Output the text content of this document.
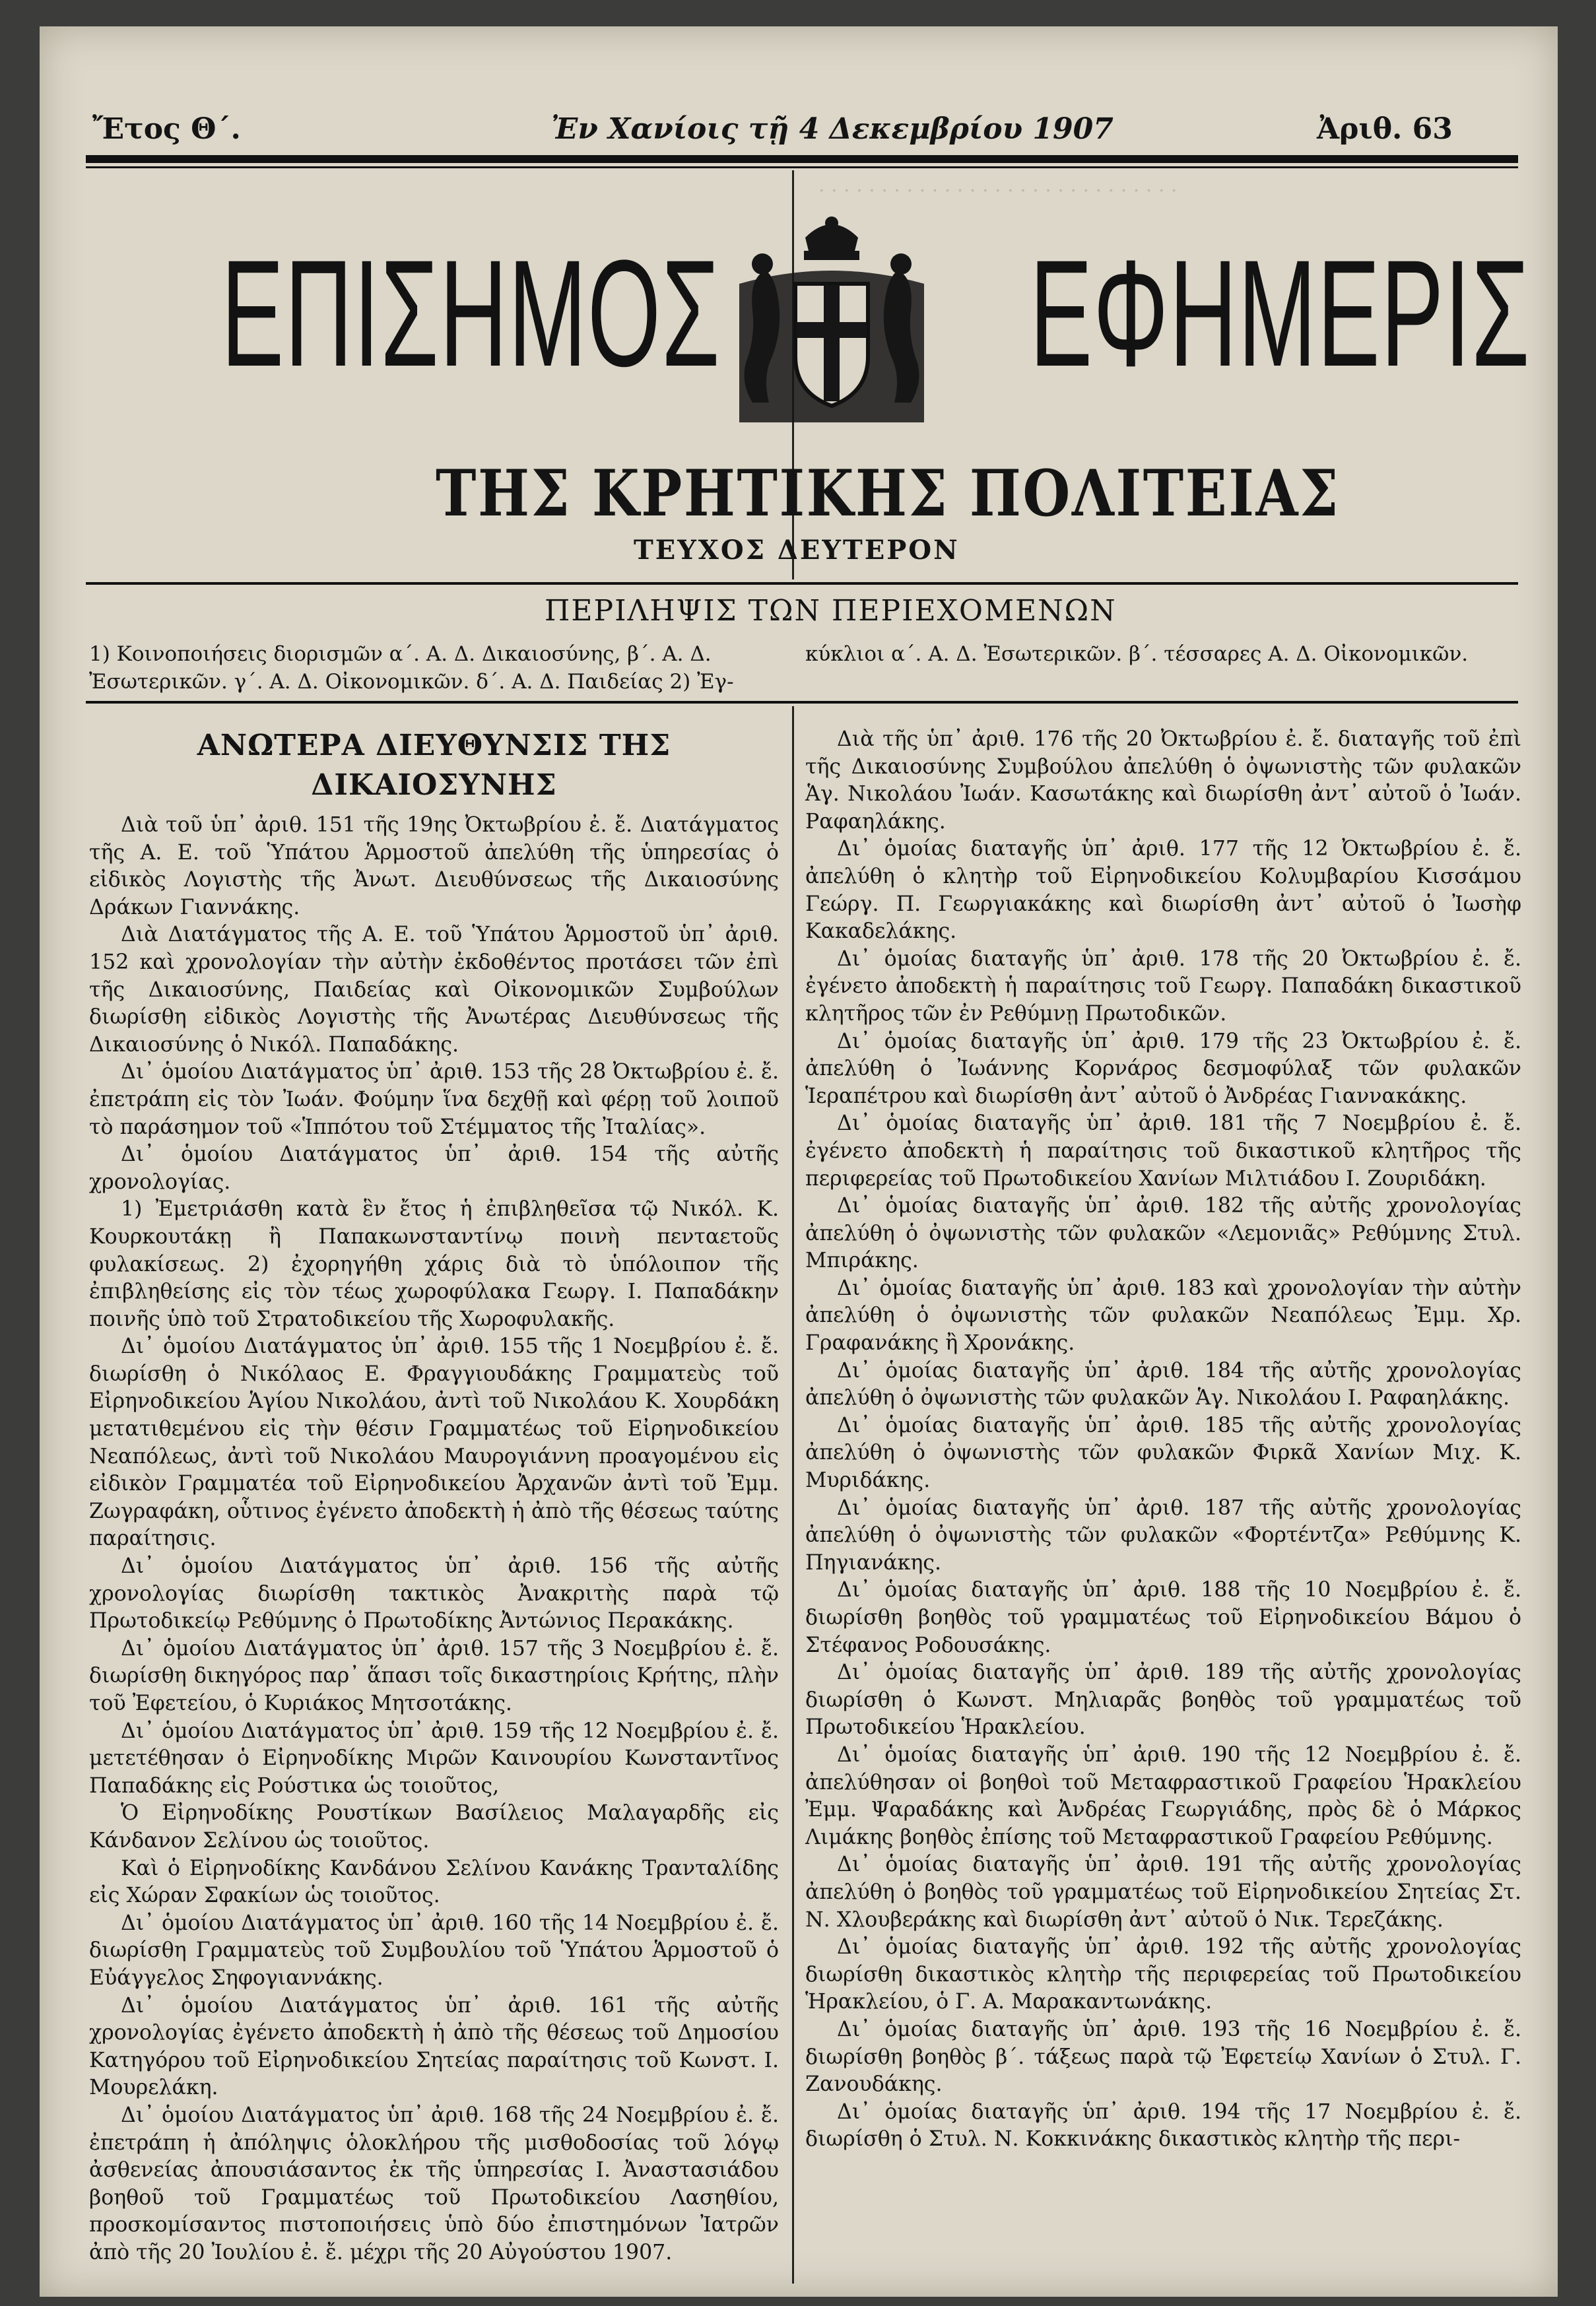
· · · · · · · · · · · · · · · · · · · · · · · · · · · · ·
Ἔτος Θ΄.	Ἐν Χανίοις τῇ 4 Δεκεμβρίου 1907	Ἀριθ. 63
ΕΠΙΣΗΜΟΣ ΕΦΗΜΕΡΙΣ
ΤΗΣ ΚΡΗΤΙΚΗΣ ΠΟΛΙΤΕΙΑΣ
ΤΕΥΧΟΣ ΔΕΥΤΕΡΟΝ
ΠΕΡΙΛΗΨΙΣ ΤΩΝ ΠΕΡΙΕΧΟΜΕΝΩΝ
1) Κοινοποιήσεις διορισμῶν α΄. Α. Δ. Δικαιοσύνης, β΄. Α. Δ. Ἐσωτερικῶν. γ΄. Α. Δ. Οἰκονομικῶν. δ΄. Α. Δ. Παιδείας 2) Ἐγ-
κύκλιοι α΄. Α. Δ. Ἐσωτερικῶν. β΄. τέσσαρες Α. Δ. Οἰκονομικῶν.
ΑΝΩΤΕΡΑ ΔΙΕΥΘΥΝΣΙΣ ΤΗΣ ΔΙΚΑΙΟΣΥΝΗΣ

Διὰ τοῦ ὑπ᾽ ἀριθ. 151 τῆς 19ης Ὀκτωβρίου ἐ. ἔ. Διατάγματος τῆς Α. Ε. τοῦ Ὑπάτου Ἁρμοστοῦ ἀπελύθη τῆς ὑπηρεσίας ὁ εἰδικὸς Λογιστὴς τῆς Ἀνωτ. Διευθύνσεως τῆς Δικαιοσύνης Δράκων Γιαννάκης.

Διὰ Διατάγματος τῆς Α. Ε. τοῦ Ὑπάτου Ἁρμοστοῦ ὑπ᾽ ἀριθ. 152 καὶ χρονολογίαν τὴν αὐτὴν ἐκδοθέντος προτάσει τῶν ἐπὶ τῆς Δικαιοσύνης, Παιδείας καὶ Οἰκονομικῶν Συμβούλων διωρίσθη εἰδικὸς Λογιστὴς τῆς Ἀνωτέρας Διευθύνσεως τῆς Δικαιοσύνης ὁ Νικόλ. Παπαδάκης.

Δι᾽ ὁμοίου Διατάγματος ὑπ᾽ ἀριθ. 153 τῆς 28 Ὀκτωβρίου ἐ. ἔ. ἐπετράπη εἰς τὸν Ἰωάν. Φούμην ἵνα δεχθῇ καὶ φέρῃ τοῦ λοιποῦ τὸ παράσημον τοῦ «Ἱππότου τοῦ Στέμματος τῆς Ἰταλίας».

Δι᾽ ὁμοίου Διατάγματος ὑπ᾽ ἀριθ. 154 τῆς αὐτῆς χρονολογίας.

1) Ἐμετριάσθη κατὰ ἓν ἔτος ἡ ἐπιβληθεῖσα τῷ Νικόλ. Κ. Κουρκουτάκῃ ἢ Παπακωνσταντίνῳ ποινὴ πενταετοῦς φυλακίσεως. 2) ἐχορηγήθη χάρις διὰ τὸ ὑπόλοιπον τῆς ἐπιβληθείσης εἰς τὸν τέως χωροφύλακα Γεωργ. Ι. Παπαδάκην ποινῆς ὑπὸ τοῦ Στρατοδικείου τῆς Χωροφυλακῆς.

Δι᾽ ὁμοίου Διατάγματος ὑπ᾽ ἀριθ. 155 τῆς 1 Νοεμβρίου ἐ. ἔ. διωρίσθη ὁ Νικόλαος Ε. Φραγγιουδάκης Γραμματεὺς τοῦ Εἰρηνοδικείου Ἁγίου Νικολάου, ἀντὶ τοῦ Νικολάου Κ. Χουρδάκη μετατιθεμένου εἰς τὴν θέσιν Γραμματέως τοῦ Εἰρηνοδικείου Νεαπόλεως, ἀντὶ τοῦ Νικολάου Μαυρογιάννη προαγομένου εἰς εἰδικὸν Γραμματέα τοῦ Εἰρηνοδικείου Ἀρχανῶν ἀντὶ τοῦ Ἐμμ. Ζωγραφάκη, οὗτινος ἐγένετο ἀποδεκτὴ ἡ ἀπὸ τῆς θέσεως ταύτης παραίτησις.

Δι᾽ ὁμοίου Διατάγματος ὑπ᾽ ἀριθ. 156 τῆς αὐτῆς χρονολογίας διωρίσθη τακτικὸς Ἀνακριτὴς παρὰ τῷ Πρωτοδικείῳ Ρεθύμνης ὁ Πρωτοδίκης Ἀντώνιος Περακάκης.

Δι᾽ ὁμοίου Διατάγματος ὑπ᾽ ἀριθ. 157 τῆς 3 Νοεμβρίου ἐ. ἔ. διωρίσθη δικηγόρος παρ᾽ ἅπασι τοῖς δικαστηρίοις Κρήτης, πλὴν τοῦ Ἐφετείου, ὁ Κυριάκος Μητσοτάκης.

Δι᾽ ὁμοίου Διατάγματος ὑπ᾽ ἀριθ. 159 τῆς 12 Νοεμβρίου ἐ. ἔ. μετετέθησαν ὁ Εἰρηνοδίκης Μιρῶν Καινουρίου Κωνσταντῖνος Παπαδάκης εἰς Ρούστικα ὡς τοιοῦτος,

Ὁ Εἰρηνοδίκης Ρουστίκων Βασίλειος Μαλαγαρδῆς εἰς Κάνδανον Σελίνου ὡς τοιοῦτος.

Καὶ ὁ Εἰρηνοδίκης Κανδάνου Σελίνου Κανάκης Τρανταλίδης εἰς Χώραν Σφακίων ὡς τοιοῦτος.

Δι᾽ ὁμοίου Διατάγματος ὑπ᾽ ἀριθ. 160 τῆς 14 Νοεμβρίου ἐ. ἔ. διωρίσθη Γραμματεὺς τοῦ Συμβουλίου τοῦ Ὑπάτου Ἁρμοστοῦ ὁ Εὐάγγελος Σηφογιαννάκης.

Δι᾽ ὁμοίου Διατάγματος ὑπ᾽ ἀριθ. 161 τῆς αὐτῆς χρονολογίας ἐγένετο ἀποδεκτὴ ἡ ἀπὸ τῆς θέσεως τοῦ Δημοσίου Κατηγόρου τοῦ Εἰρηνοδικείου Σητείας παραίτησις τοῦ Κωνστ. Ι. Μουρελάκη.

Δι᾽ ὁμοίου Διατάγματος ὑπ᾽ ἀριθ. 168 τῆς 24 Νοεμβρίου ἐ. ἔ. ἐπετράπη ἡ ἀπόληψις ὁλοκλήρου τῆς μισθοδοσίας τοῦ λόγῳ ἀσθενείας ἀπουσιάσαντος ἐκ τῆς ὑπηρεσίας Ι. Ἀναστασιάδου βοηθοῦ τοῦ Γραμματέως τοῦ Πρωτοδικείου Λασηθίου, προσκομίσαντος πιστοποιήσεις ὑπὸ δύο ἐπιστημόνων Ἰατρῶν ἀπὸ τῆς 20 Ἰουλίου ἐ. ἔ. μέχρι τῆς 20 Αὐγούστου 1907.

Διὰ τῆς ὑπ᾽ ἀριθ. 176 τῆς 20 Ὀκτωβρίου ἐ. ἔ. διαταγῆς τοῦ ἐπὶ τῆς Δικαιοσύνης Συμβούλου ἀπελύθη ὁ ὀψωνιστὴς τῶν φυλακῶν Ἁγ. Νικολάου Ἰωάν. Κασωτάκης καὶ διωρίσθη ἀντ᾽ αὐτοῦ ὁ Ἰωάν. Ραφαηλάκης.

Δι᾽ ὁμοίας διαταγῆς ὑπ᾽ ἀριθ. 177 τῆς 12 Ὀκτωβρίου ἐ. ἔ. ἀπελύθη ὁ κλητὴρ τοῦ Εἰρηνοδικείου Κολυμβαρίου Κισσάμου Γεώργ. Π. Γεωργιακάκης καὶ διωρίσθη ἀντ᾽ αὐτοῦ ὁ Ἰωσὴφ Κακαδελάκης.

Δι᾽ ὁμοίας διαταγῆς ὑπ᾽ ἀριθ. 178 τῆς 20 Ὀκτωβρίου ἐ. ἔ. ἐγένετο ἀποδεκτὴ ἡ παραίτησις τοῦ Γεωργ. Παπαδάκη δικαστικοῦ κλητῆρος τῶν ἐν Ρεθύμνῃ Πρωτοδικῶν.

Δι᾽ ὁμοίας διαταγῆς ὑπ᾽ ἀριθ. 179 τῆς 23 Ὀκτωβρίου ἐ. ἔ. ἀπελύθη ὁ Ἰωάννης Κορνάρος δεσμοφύλαξ τῶν φυλακῶν Ἱεραπέτρου καὶ διωρίσθη ἀντ᾽ αὐτοῦ ὁ Ἀνδρέας Γιαννακάκης.

Δι᾽ ὁμοίας διαταγῆς ὑπ᾽ ἀριθ. 181 τῆς 7 Νοεμβρίου ἐ. ἔ. ἐγένετο ἀποδεκτὴ ἡ παραίτησις τοῦ δικαστικοῦ κλητῆρος τῆς περιφερείας τοῦ Πρωτοδικείου Χανίων Μιλτιάδου Ι. Ζουριδάκη.

Δι᾽ ὁμοίας διαταγῆς ὑπ᾽ ἀριθ. 182 τῆς αὐτῆς χρονολογίας ἀπελύθη ὁ ὀψωνιστὴς τῶν φυλακῶν «Λεμονιᾶς» Ρεθύμνης Στυλ. Μπιράκης.

Δι᾽ ὁμοίας διαταγῆς ὑπ᾽ ἀριθ. 183 καὶ χρονολογίαν τὴν αὐτὴν ἀπελύθη ὁ ὀψωνιστὴς τῶν φυλακῶν Νεαπόλεως Ἐμμ. Χρ. Γραφανάκης ἢ Χρονάκης.

Δι᾽ ὁμοίας διαταγῆς ὑπ᾽ ἀριθ. 184 τῆς αὐτῆς χρονολογίας ἀπελύθη ὁ ὀψωνιστὴς τῶν φυλακῶν Ἁγ. Νικολάου Ι. Ραφαηλάκης.

Δι᾽ ὁμοίας διαταγῆς ὑπ᾽ ἀριθ. 185 τῆς αὐτῆς χρονολογίας ἀπελύθη ὁ ὀψωνιστὴς τῶν φυλακῶν Φιρκᾶ Χανίων Μιχ. Κ. Μυριδάκης.

Δι᾽ ὁμοίας διαταγῆς ὑπ᾽ ἀριθ. 187 τῆς αὐτῆς χρονολογίας ἀπελύθη ὁ ὀψωνιστὴς τῶν φυλακῶν «Φορτέντζα» Ρεθύμνης Κ. Πηγιανάκης.

Δι᾽ ὁμοίας διαταγῆς ὑπ᾽ ἀριθ. 188 τῆς 10 Νοεμβρίου ἐ. ἔ. διωρίσθη βοηθὸς τοῦ γραμματέως τοῦ Εἰρηνοδικείου Βάμου ὁ Στέφανος Ροδουσάκης.

Δι᾽ ὁμοίας διαταγῆς ὑπ᾽ ἀριθ. 189 τῆς αὐτῆς χρονολογίας διωρίσθη ὁ Κωνστ. Μηλιαρᾶς βοηθὸς τοῦ γραμματέως τοῦ Πρωτοδικείου Ἡρακλείου.

Δι᾽ ὁμοίας διαταγῆς ὑπ᾽ ἀριθ. 190 τῆς 12 Νοεμβρίου ἐ. ἔ. ἀπελύθησαν οἱ βοηθοὶ τοῦ Μεταφραστικοῦ Γραφείου Ἡρακλείου Ἐμμ. Ψαραδάκης καὶ Ἀνδρέας Γεωργιάδης, πρὸς δὲ ὁ Μάρκος Λιμάκης βοηθὸς ἐπίσης τοῦ Μεταφραστικοῦ Γραφείου Ρεθύμνης.

Δι᾽ ὁμοίας διαταγῆς ὑπ᾽ ἀριθ. 191 τῆς αὐτῆς χρονολογίας ἀπελύθη ὁ βοηθὸς τοῦ γραμματέως τοῦ Εἰρηνοδικείου Σητείας Στ. Ν. Χλουβεράκης καὶ διωρίσθη ἀντ᾽ αὐτοῦ ὁ Νικ. Τερεζάκης.

Δι᾽ ὁμοίας διαταγῆς ὑπ᾽ ἀριθ. 192 τῆς αὐτῆς χρονολογίας διωρίσθη δικαστικὸς κλητὴρ τῆς περιφερείας τοῦ Πρωτοδικείου Ἡρακλείου, ὁ Γ. Α. Μαρακαντωνάκης.

Δι᾽ ὁμοίας διαταγῆς ὑπ᾽ ἀριθ. 193 τῆς 16 Νοεμβρίου ἐ. ἔ. διωρίσθη βοηθὸς β΄. τάξεως παρὰ τῷ Ἐφετείῳ Χανίων ὁ Στυλ. Γ. Ζανουδάκης.

Δι᾽ ὁμοίας διαταγῆς ὑπ᾽ ἀριθ. 194 τῆς 17 Νοεμβρίου ἐ. ἔ. διωρίσθη ὁ Στυλ. Ν. Κοκκινάκης δικαστικὸς κλητὴρ τῆς περι-
